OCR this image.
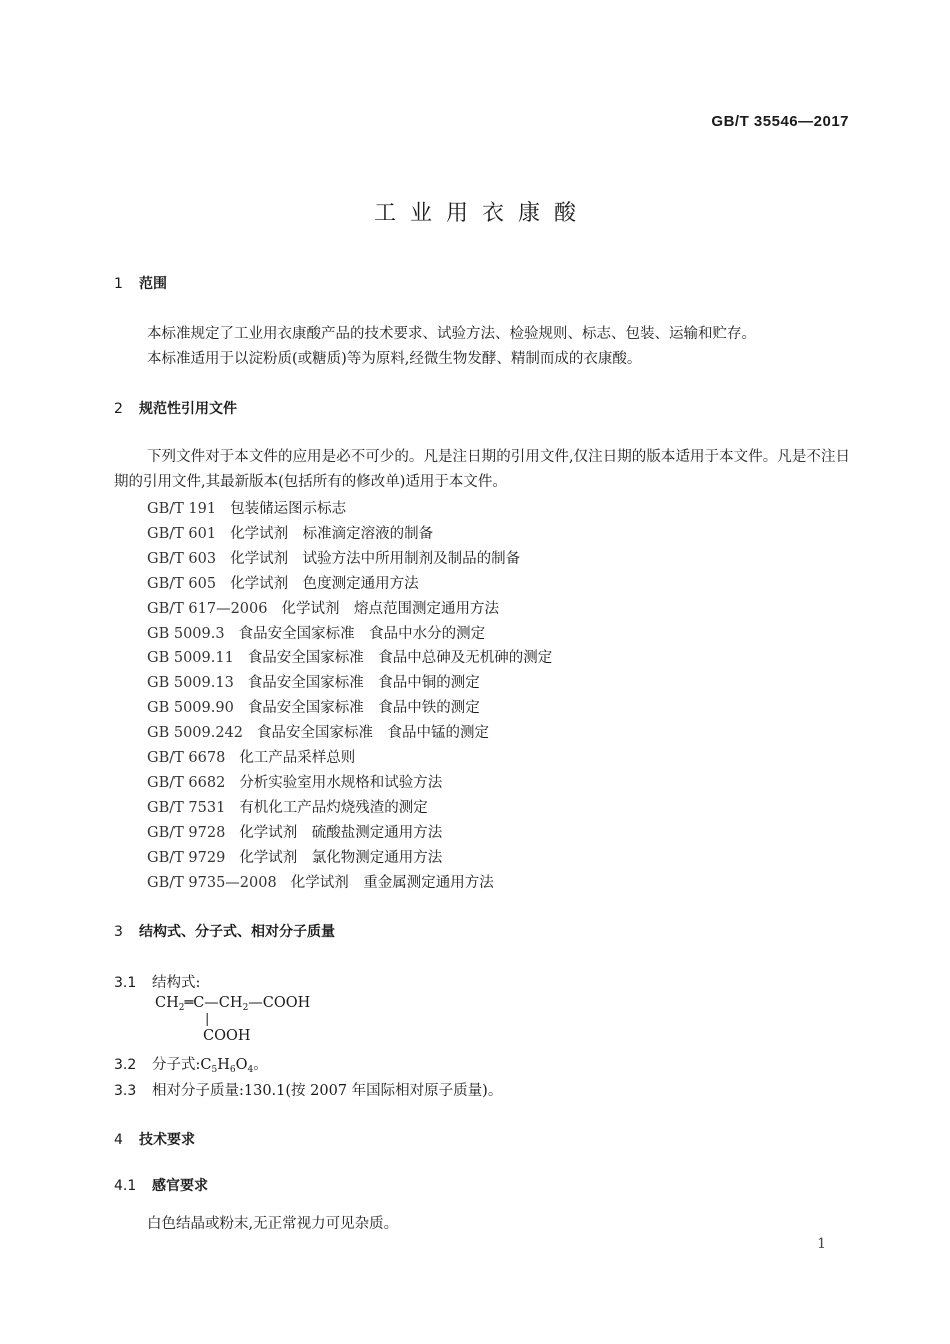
GB/T 35546—2017
工业用衣康酸
1 范围
本标准规定了工业用衣康酸产品的技术要求、试验方法、检验规则、标志、包装、运输和贮存。
本标准适用于以淀粉质(或糖质)等为原料,经微生物发酵、精制而成的衣康酸。
2 规范性引用文件
下列文件对于本文件的应用是必不可少的。凡是注日期的引用文件,仅注日期的版本适用于本文件。凡是不注日期的引用文件,其最新版本(包括所有的修改单)适用于本文件。
GB/T 191 包装储运图示标志
GB/T 601 化学试剂　标准滴定溶液的制备
GB/T 603 化学试剂　试验方法中所用制剂及制品的制备
GB/T 605 化学试剂　色度测定通用方法
GB/T 617—2006 化学试剂　熔点范围测定通用方法
GB 5009.3 食品安全国家标准　食品中水分的测定
GB 5009.11 食品安全国家标准　食品中总砷及无机砷的测定
GB 5009.13 食品安全国家标准　食品中铜的测定
GB 5009.90 食品安全国家标准　食品中铁的测定
GB 5009.242 食品安全国家标准　食品中锰的测定
GB/T 6678 化工产品采样总则
GB/T 6682 分析实验室用水规格和试验方法
GB/T 7531 有机化工产品灼烧残渣的测定
GB/T 9728 化学试剂　硫酸盐测定通用方法
GB/T 9729 化学试剂　氯化物测定通用方法
GB/T 9735—2008 化学试剂　重金属测定通用方法
3 结构式、分子式、相对分子质量
3.1 结构式:
$CH_2═C—CH_2—COOH$
|
COOH
3.2 分子式$:C_5H_6O_4$。
3.3 相对分子质量:130.1(按 2007 年国际相对原子质量)。
4 技术要求
4.1 感官要求
白色结晶或粉末,无正常视力可见杂质。
1
